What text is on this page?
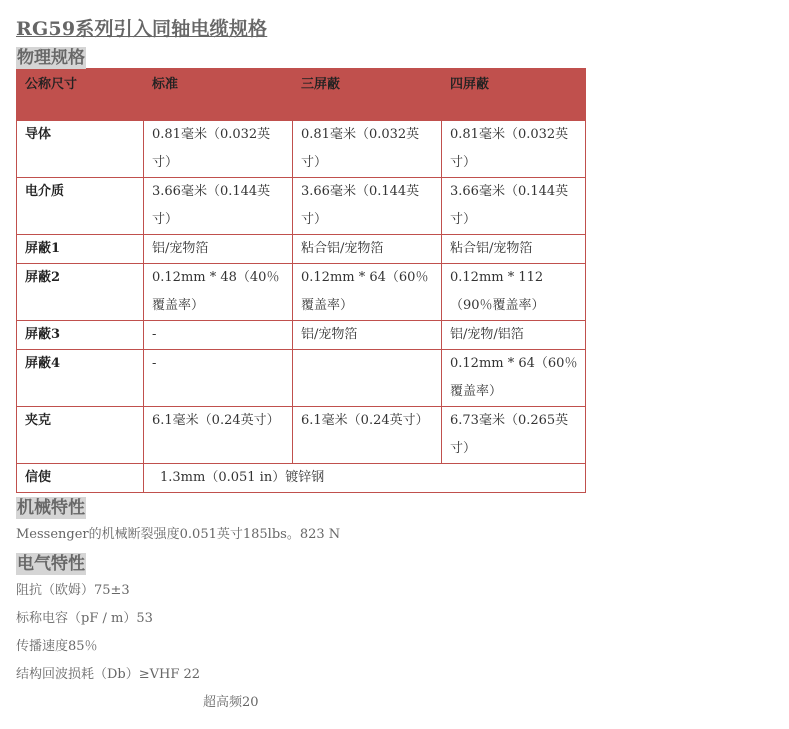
RG59系列引入同轴电缆规格
物理规格
公称尺寸	标准	三屏蔽	四屏蔽
导体	0.81毫米（0.032英寸）	0.81毫米（0.032英寸）	0.81毫米（0.032英寸）
电介质	3.66毫米（0.144英寸）	3.66毫米（0.144英寸）	3.66毫米（0.144英寸）
屏蔽1	铝/宠物箔	粘合铝/宠物箔	粘合铝/宠物箔
屏蔽2	0.12mm * 48（40％覆盖率）	0.12mm * 64（60％覆盖率）	0.12mm * 112（90％覆盖率）
屏蔽3	-	铝/宠物箔	铝/宠物/铝箔
屏蔽4	-		0.12mm * 64（60％覆盖率）
夹克	6.1毫米（0.24英寸）	6.1毫米（0.24英寸）	6.73毫米（0.265英寸）
信使	1.3mm（0.051 in）镀锌钢		
机械特性

Messenger的机械断裂强度0.051英寸185lbs。823 N

电气特性

阻抗（欧姆）75±3

标称电容（pF / m）53

传播速度85％

结构回波损耗（Db）≥VHF 22

超高频20
